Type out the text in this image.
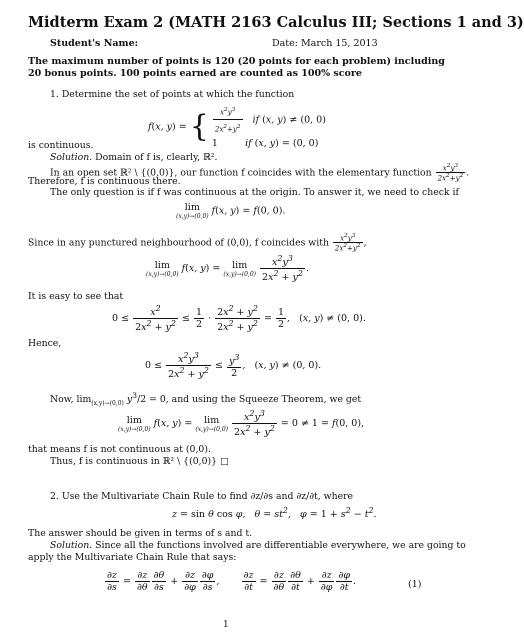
Midterm Exam 2 (MATH 2163 Calculus III; Sections 1 and 3)
Student's Name:	Date: March 15, 2013
The maximum number of points is 120 (20 points for each problem) including
20 bonus points. 100 points earned are counted as 100% score
1. Determine the set of points at which the function
f(x, y) = { $\frac{x^2y^3}{2x^2+y^2}$ if (x, y) ≠ (0, 0)
1         if (x, y) = (0, 0)
is continuous.
Solution. Domain of f is, clearly, ℝ².
In an open set ℝ² \ {(0,0)}, our function f coincides with the elementary function $\frac{x^2y^3}{2x^2+y^2}$ .
Therefore, f is continuous there.
The only question is if f was continuous at the origin. To answer it, we need to check if
lim
(x,y)→(0,0) f(x, y) = f(0, 0).
Since in any punctured neighbourhood of (0,0), f coincides with $\frac{x^2y^3}{2x^2+y^2}$ ,
lim
(x,y)→(0,0) f(x, y) = lim
(x,y)→(0,0)
$\frac{x^2y^3}{2x^2 + y^2}$ .
It is easy to see that
$0 \le \frac{x^2}{2x^2 + y^2} \le \frac{1}{2} \cdot \frac{2x^2 + y^2}{2x^2 + y^2} = \frac{1}{2}$ ,   (x, y) ≠ (0, 0).
Hence,
$0 \le \frac{x^2y^3}{2x^2 + y^2} \le \frac{y^3}{2}$ ,   (x, y) ≠ (0, 0).
Now, $\lim_{(x,y)\to(0,0)} y^3/2 = 0$, and using the Squeeze Theorem, we get
lim
(x,y)→(0,0) f(x, y) = lim
(x,y)→(0,0)
$\frac{x^2y^3}{2x^2 + y^2} = 0 \ne 1 = f(0$, 0),
that means f is not continuous at (0,0).
Thus, f is continuous in ℝ² \ {(0,0)} □
2. Use the Multivariate Chain Rule to find ∂z/∂s and ∂z/∂t, where
z = sin θ cos φ,   $\theta = st^2$,   $\varphi = 1 + s^2 - t^2$.
The answer should be given in terms of s and t.
Solution. Since all the functions involved are differentiable everywhere, we are going to
apply the Multivariate Chain Rule that says:
$\frac{\partial z}{\partial s} = \frac{\partial z}{\partial\theta} \frac{\partial\theta}{\partial s} + \frac{\partial z}{\partial\varphi} \frac{\partial\varphi}{\partial s}$ , $\frac{\partial z}{\partial t} = \frac{\partial z}{\partial\theta} \frac{\partial\theta}{\partial t} + \frac{\partial z}{\partial\varphi} \frac{\partial\varphi}{\partial t}$ .	(1)
1
